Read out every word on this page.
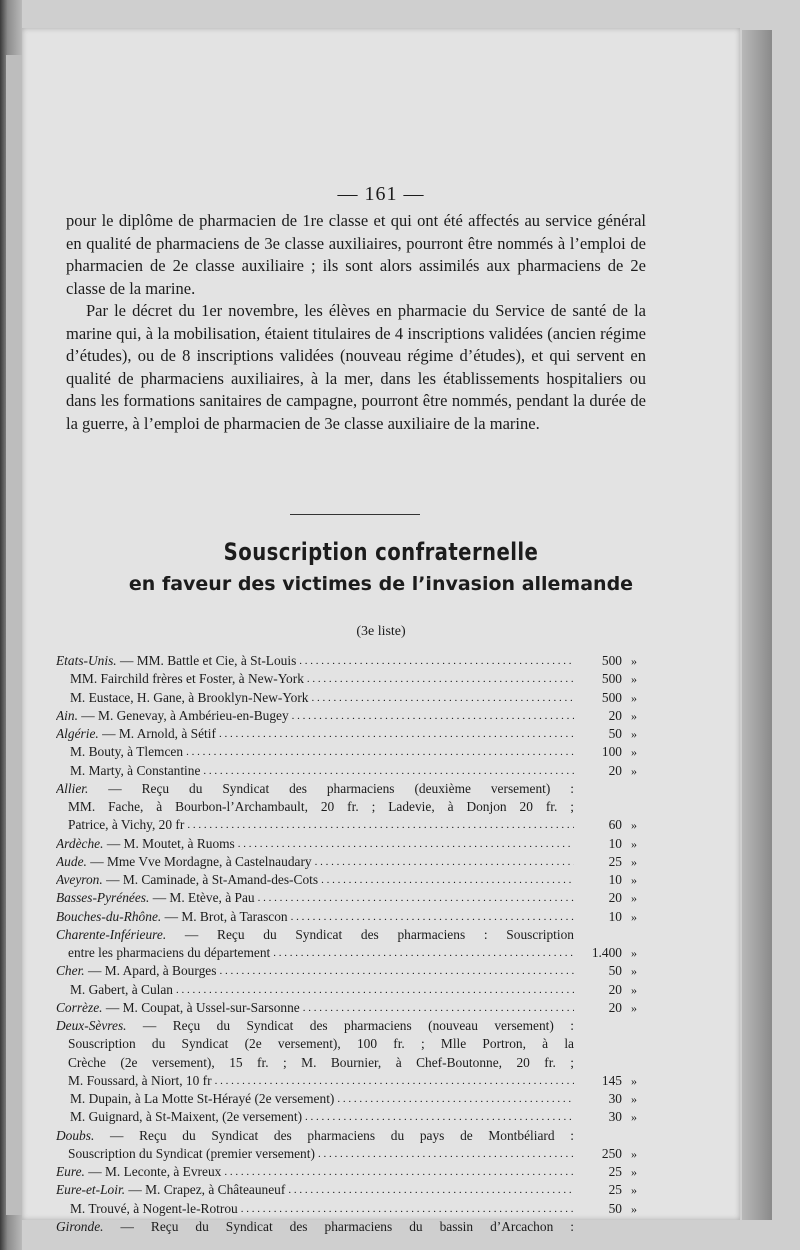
— 161 —

pour le diplôme de pharmacien de 1re classe et qui ont été affectés au service général en qualité de pharmaciens de 3e classe auxiliaires, pourront être nommés à l’emploi de pharmacien de 2e classe auxiliaire ; ils sont alors assimilés aux pharmaciens de 2e classe de la marine.

Par le décret du 1er novembre, les élèves en pharmacie du Service de santé de la marine qui, à la mobilisation, étaient titulaires de 4 inscriptions validées (ancien régime d’études), ou de 8 inscriptions validées (nouveau régime d’études), et qui servent en qualité de pharmaciens auxiliaires, à la mer, dans les établissements hospitaliers ou dans les formations sanitaires de campagne, pourront être nommés, pendant la durée de la guerre, à l’emploi de pharmacien de 3e classe auxiliaire de la marine.

Souscription confraternelle
en faveur des victimes de l’invasion allemande
(3e liste)
Etats-Unis. — MM. Battle et Cie, à St-Louis . . .	500 »
MM. Fairchild frères et Foster, à New-York . . .	500 »
M. Eustace, H. Gane, à Brooklyn-New-York . . .	500 »
Ain. — M. Genevay, à Ambérieu-en-Bugey . . .	20 »
Algérie. — M. Arnold, à Sétif . . .	50 »
M. Bouty, à Tlemcen . . .	100 »
M. Marty, à Constantine . . .	20 »
Allier. — Reçu du Syndicat des pharmaciens (deuxième versement) :
MM. Fache, à Bourbon-l’Archambault, 20 fr. ; Ladevie, à Donjon 20 fr. ;
Patrice, à Vichy, 20 fr . . .	60 »
Ardèche. — M. Moutet, à Ruoms . . .	10 »
Aude. — Mme Vve Mordagne, à Castelnaudary . . .	25 »
Aveyron. — M. Caminade, à St-Amand-des-Cots . . .	10 »
Basses-Pyrénées. — M. Etève, à Pau . . .	20 »
Bouches-du-Rhône. — M. Brot, à Tarascon . . .	10 »
Charente-Inférieure. — Reçu du Syndicat des pharmaciens : Souscription
entre les pharmaciens du département . . .	1.400 »
Cher. — M. Apard, à Bourges . . .	50 »
M. Gabert, à Culan . . .	20 »
Corrèze. — M. Coupat, à Ussel-sur-Sarsonne . . .	20 »
Deux-Sèvres. — Reçu du Syndicat des pharmaciens (nouveau versement) :
Souscription du Syndicat (2e versement), 100 fr. ; Mlle Portron, à la
Crèche (2e versement), 15 fr. ; M. Bournier, à Chef-Boutonne, 20 fr. ;
M. Foussard, à Niort, 10 fr . . .	145 »
M. Dupain, à La Motte St-Hérayé (2e versement) . . .	30 »
M. Guignard, à St-Maixent, (2e versement) . . .	30 »
Doubs. — Reçu du Syndicat des pharmaciens du pays de Montbéliard :
Souscription du Syndicat (premier versement) . . .	250 »
Eure. — M. Leconte, à Evreux . . .	25 »
Eure-et-Loir. — M. Crapez, à Châteauneuf . . .	25 »
M. Trouvé, à Nogent-le-Rotrou . . .	50 »
Gironde. — Reçu du Syndicat des pharmaciens du bassin d’Arcachon :
